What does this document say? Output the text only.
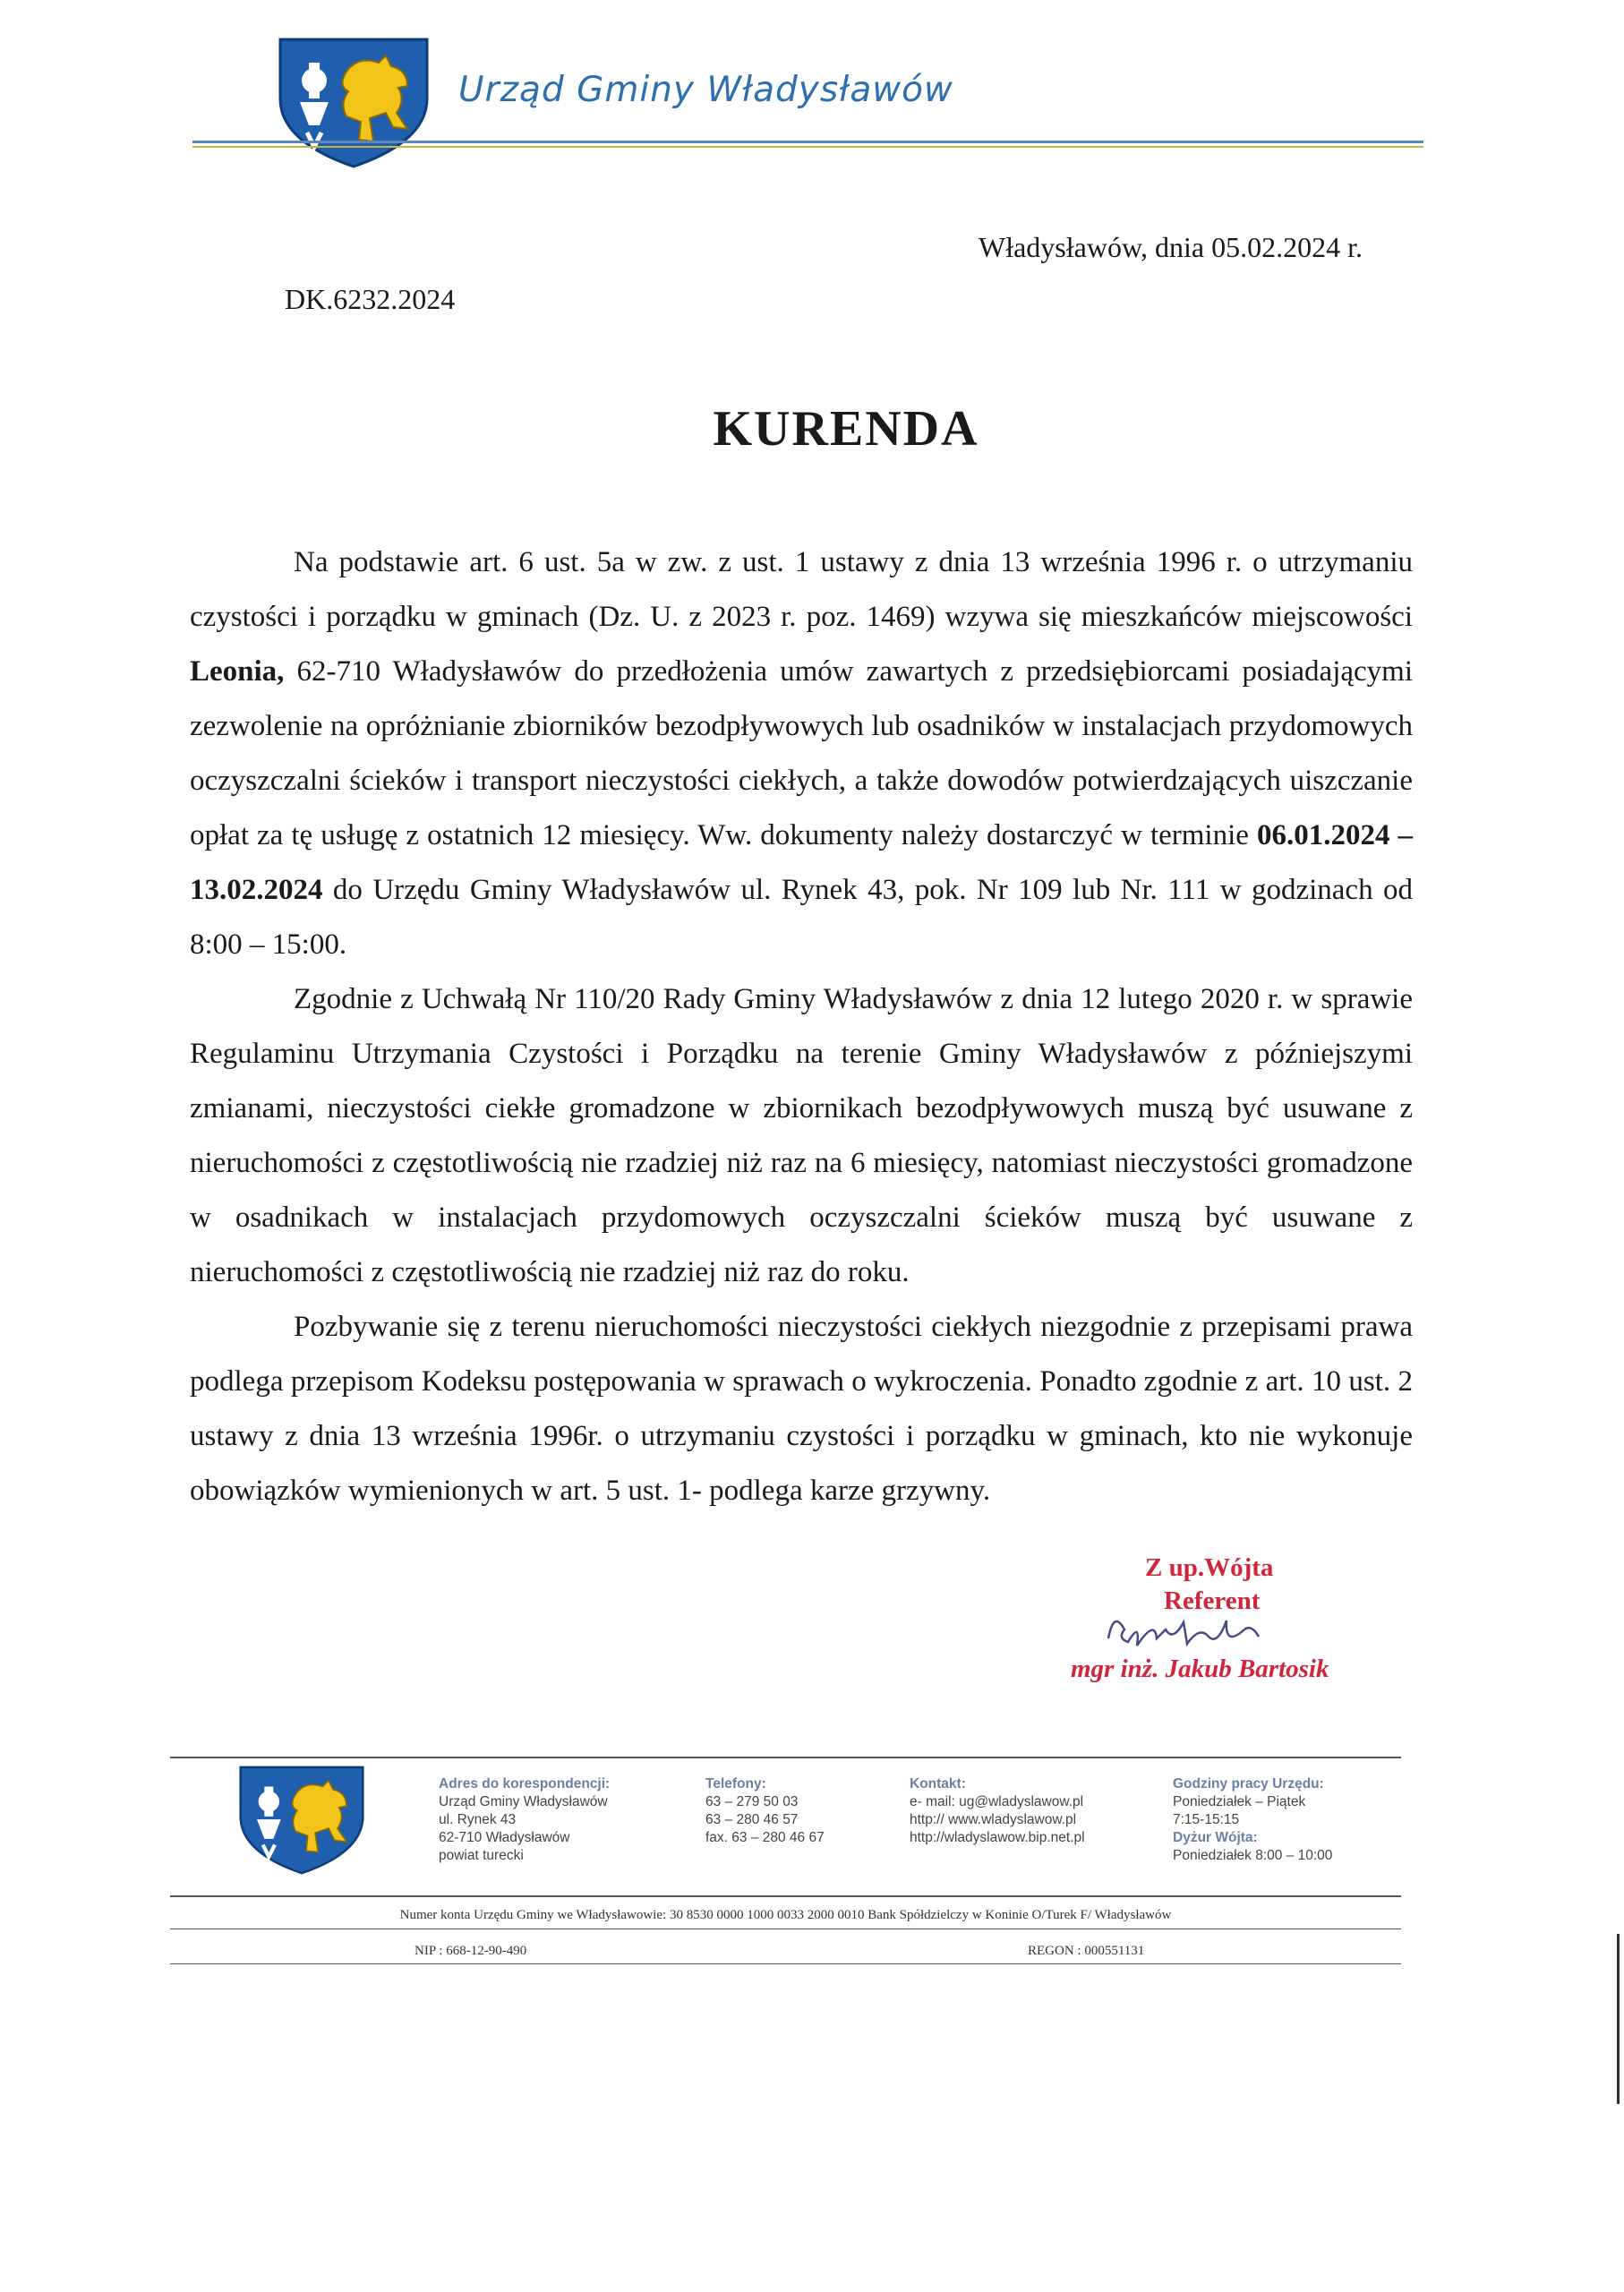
Urząd Gminy Władysławów
Władysławów, dnia 05.02.2024 r.
DK.6232.2024
KURENDA

Na podstawie art. 6 ust. 5a w zw. z ust. 1 ustawy z dnia 13 września 1996 r. o utrzymaniu czystości i porządku w gminach (Dz. U. z 2023 r. poz. 1469) wzywa się mieszkańców miejscowości Leonia, 62-710 Władysławów do przedłożenia umów zawartych z przedsiębiorcami posiadającymi zezwolenie na opróżnianie zbiorników bezodpływowych lub osadników w instalacjach przydomowych oczyszczalni ścieków i transport nieczystości ciekłych, a także dowodów potwierdzających uiszczanie opłat za tę usługę z ostatnich 12 miesięcy. Ww. dokumenty należy dostarczyć w terminie 06.01.2024 – 13.02.2024 do Urzędu Gminy Władysławów ul. Rynek 43, pok. Nr 109 lub Nr. 111 w godzinach od 8:00 – 15:00.

Zgodnie z Uchwałą Nr 110/20 Rady Gminy Władysławów z dnia 12 lutego 2020 r. w sprawie Regulaminu Utrzymania Czystości i Porządku na terenie Gminy Władysławów z późniejszymi zmianami, nieczystości ciekłe gromadzone w zbiornikach bezodpływowych muszą być usuwane z nieruchomości z częstotliwością nie rzadziej niż raz na 6 miesięcy, natomiast nieczystości gromadzone w osadnikach w instalacjach przydomowych oczyszczalni ścieków muszą być usuwane z nieruchomości z częstotliwością nie rzadziej niż raz do roku.

Pozbywanie się z terenu nieruchomości nieczystości ciekłych niezgodnie z przepisami prawa podlega przepisom Kodeksu postępowania w sprawach o wykroczenia. Ponadto zgodnie z art. 10 ust. 2 ustawy z dnia 13 września 1996r. o utrzymaniu czystości i porządku w gminach, kto nie wykonuje obowiązków wymienionych w art. 5 ust. 1- podlega karze grzywny.

Z up.Wójta
Referent
mgr inż. Jakub Bartosik
Adres do korespondencji:
Urząd Gminy Władysławów
ul. Rynek 43
62-710 Władysławów
powiat turecki
Telefony:
63 – 279 50 03
63 – 280 46 57
fax. 63 – 280 46 67
Kontakt:
e- mail: ug@wladyslawow.pl
http:// www.wladyslawow.pl
http://wladyslawow.bip.net.pl
Godziny pracy Urzędu:
Poniedziałek – Piątek
7:15-15:15
Dyżur Wójta:
Poniedziałek 8:00 – 10:00
Numer konta Urzędu Gminy we Władysławowie: 30 8530 0000 1000 0033 2000 0010 Bank Spółdzielczy w Koninie O/Turek F/ Władysławów
NIP : 668-12-90-490	REGON : 000551131
